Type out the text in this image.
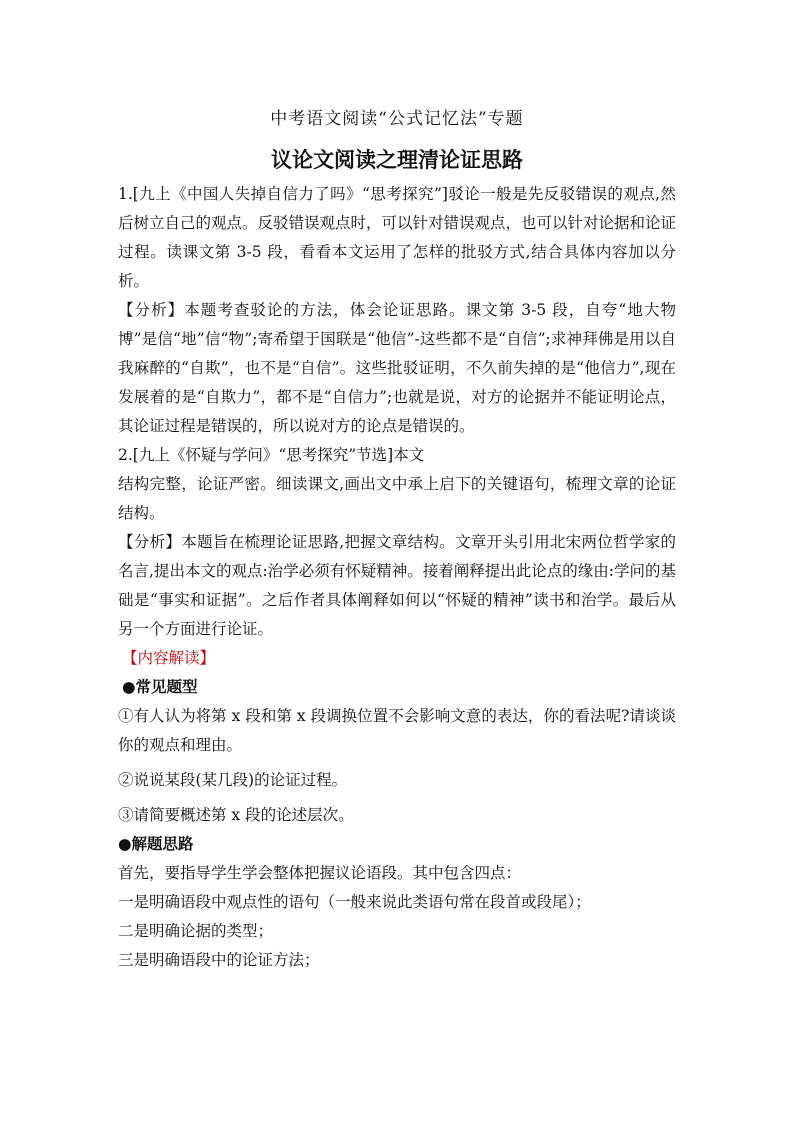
中考语文阅读“公式记忆法”专题
议论文阅读之理清论证思路

1.[九上《中国人失掉自信力了吗》“思考探究”]驳论一般是先反驳错误的观点,然后树立自己的观点。反驳错误观点时，可以针对错误观点，也可以针对论据和论证过程。读课文第 3-5 段，看看本文运用了怎样的批驳方式,结合具体内容加以分析。

【分析】本题考查驳论的方法，体会论证思路。课文第 3-5 段，自夸“地大物博”是信“地”信“物”;寄希望于国联是“他信”-这些都不是“自信”;求神拜佛是用以自我麻醉的“自欺”，也不是“自信”。这些批驳证明，不久前失掉的是“他信力”,现在发展着的是“自欺力”，都不是“自信力”;也就是说，对方的论据并不能证明论点，其论证过程是错误的，所以说对方的论点是错误的。

2.[九上《怀疑与学问》“思考探究”节选]本文

结构完整，论证严密。细读课文,画出文中承上启下的关键语句，梳理文章的论证结构。

【分析】本题旨在梳理论证思路,把握文章结构。文章开头引用北宋两位哲学家的名言,提出本文的观点:治学必须有怀疑精神。接着阐释提出此论点的缘由:学问的基础是“事实和证据”。之后作者具体阐释如何以“怀疑的精神”读书和治学。最后从另一个方面进行论证。

【内容解读】

●常见题型

①有人认为将第 x 段和第 x 段调换位置不会影响文意的表达，你的看法呢?请谈谈你的观点和理由。

②说说某段(某几段)的论证过程。

③请简要概述第 x 段的论述层次。

●解题思路

首先，要指导学生学会整体把握议论语段。其中包含四点：

一是明确语段中观点性的语句（一般来说此类语句常在段首或段尾）；

二是明确论据的类型；

三是明确语段中的论证方法；
